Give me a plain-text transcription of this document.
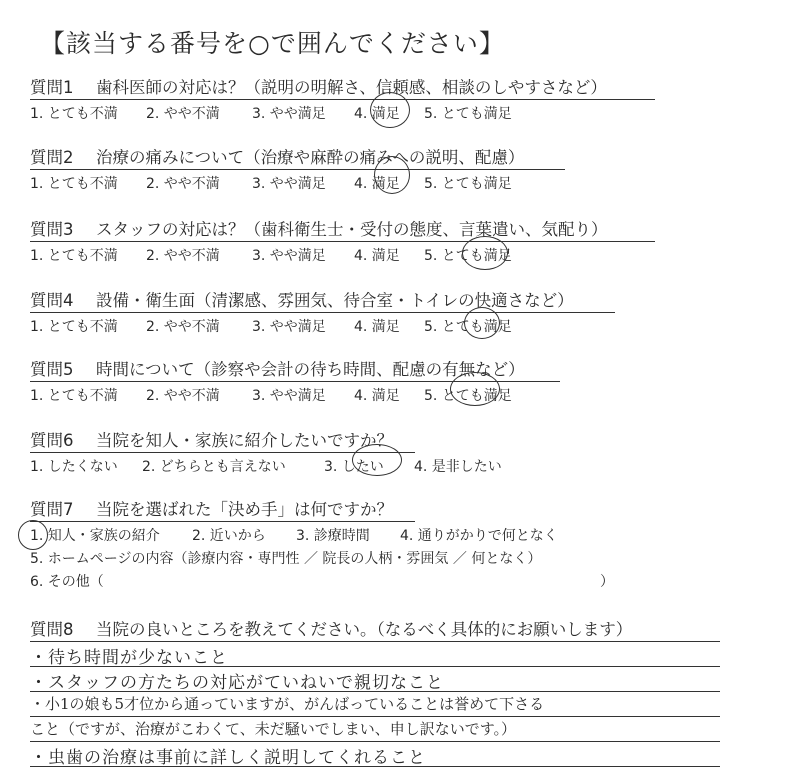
【該当する番号を○で囲んでください】
質問1 歯科医師の対応は？（説明の明解さ、信頼感、相談のしやすさなど）
1. とても不満 2. やや不満 3. やや満足 4. 満足 5. とても満足
質問2 治療の痛みについて（治療や麻酔の痛みへの説明、配慮）
1. とても不満 2. やや不満 3. やや満足 4. 満足 5. とても満足
質問3 スタッフの対応は？（歯科衛生士・受付の態度、言葉遣い、気配り）
1. とても不満 2. やや不満 3. やや満足 4. 満足 5. とても満足
質問4 設備・衛生面（清潔感、雰囲気、待合室・トイレの快適さなど）
1. とても不満 2. やや不満 3. やや満足 4. 満足 5. とても満足
質問5 時間について（診察や会計の待ち時間、配慮の有無など）
1. とても不満 2. やや不満 3. やや満足 4. 満足 5. とても満足
質問6 当院を知人・家族に紹介したいですか？
1. したくない 2. どちらとも言えない	3. したい 4. 是非したい
質問7 当院を選ばれた「決め手」は何ですか？
1. 知人・家族の紹介 2. 近いから 3. 診療時間 4. 通りがかりで何となく
5. ホームページの内容（診療内容・専門性 ／ 院長の人柄・雰囲気 ／ 何となく）
6. その他（	）
質問8 当院の良いところを教えてください。（なるべく具体的にお願いします）
・待ち時間が少ないこと
・スタッフの方たちの対応がていねいで親切なこと
・小1の娘も5才位から通っていますが、がんばっていることは誉めて下さる
こと（ですが、治療がこわくて、未だ騒いでしまい、申し訳ないです。）
・虫歯の治療は事前に詳しく説明してくれること
